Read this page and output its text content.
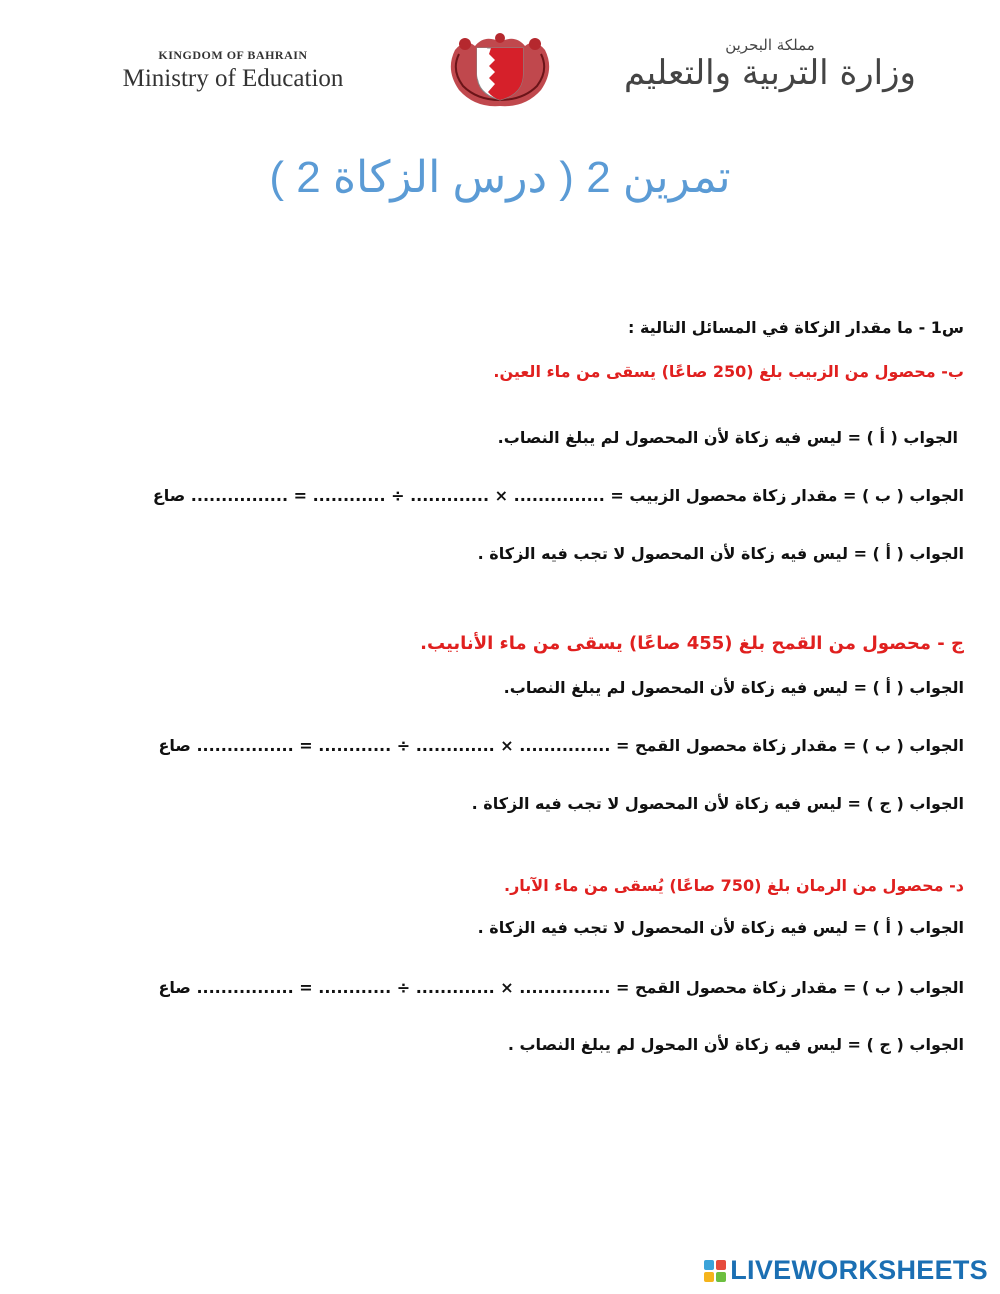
KINGDOM OF BAHRAIN
Ministry of Education
مملكة البحرين
وزارة التربية والتعليم
تمرين 2 ( درس الزكاة 2 )
س1 - ما مقدار الزكاة في المسائل التالية :
ب- محصول من الزبيب بلغ (250 صاعًا) يسقى من ماء العين.
الجواب ( أ ) = ليس فيه زكاة لأن المحصول لم يبلغ النصاب.
الجواب ( ب ) = مقدار زكاة محصول الزبيب = ............... × ............. ÷ ............ = ................ صاع
الجواب ( أ ) = ليس فيه زكاة لأن المحصول لا تجب فيه الزكاة .
ج - محصول من القمح بلغ (455 صاعًا) يسقى من ماء الأنابيب.
الجواب ( أ ) = ليس فيه زكاة لأن المحصول لم يبلغ النصاب.
الجواب ( ب ) = مقدار زكاة محصول القمح = ............... × ............. ÷ ............ = ................ صاع
الجواب ( ج ) = ليس فيه زكاة لأن المحصول لا تجب فيه الزكاة .
د- محصول من الرمان بلغ (750 صاعًا) يُسقى من ماء الآبار.
الجواب ( أ ) = ليس فيه زكاة لأن المحصول لا تجب فيه الزكاة .
الجواب ( ب ) = مقدار زكاة محصول القمح = ............... × ............. ÷ ............ = ................ صاع
الجواب ( ج ) = ليس فيه زكاة لأن المحول لم يبلغ النصاب .
LIVEWORKSHEETS
